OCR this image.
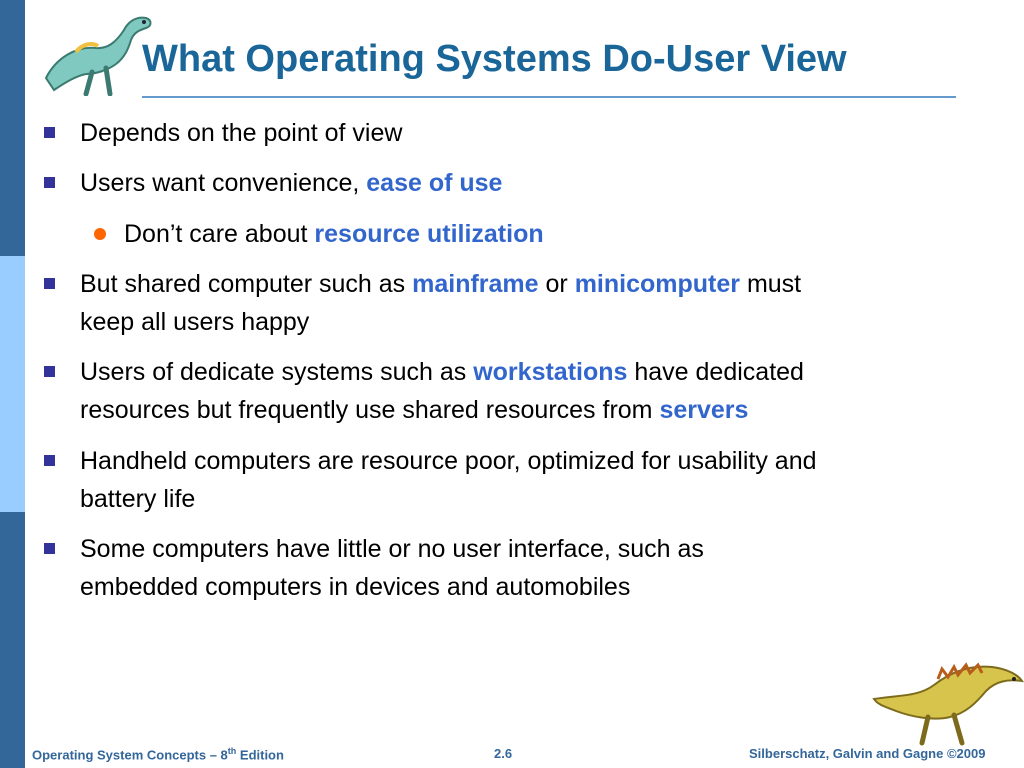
What Operating Systems Do-User View
Depends on the point of view
Users want convenience, ease of use
Don’t care about resource utilization
But shared computer such as mainframe or minicomputer must
keep all users happy
Users of dedicate systems such as workstations have dedicated
resources but frequently use shared resources from servers
Handheld computers are resource poor, optimized for usability and
battery life
Some computers have little or no user interface, such as
embedded computers in devices and automobiles
Operating System Concepts – 8th Edition	2.6	Silberschatz, Galvin and Gagne ©2009
